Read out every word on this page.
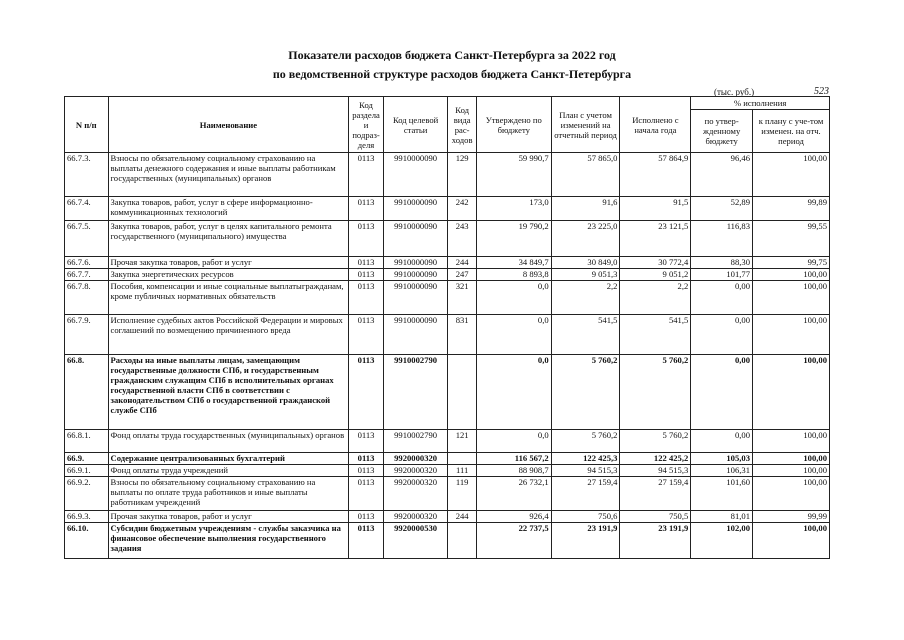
Показатели расходов бюджета Санкт-Петербурга за 2022 год
по ведомственной структуре расходов бюджета Санкт-Петербурга
(тыс. руб.)	523
N п/п	Наименование	Код раздела и подраз-деля	Код целевой статьи	Код вида рас-ходов	Утверждено по бюджету	План с учетом изменений на отчетный период	Исполнено с начала года	% исполнения	
								по утвер-жденному бюджету	к плану с уче-том изменен. на отч. период
66.7.3.	Взносы по обязательному социальному страхованию на выплаты денежного содержания и иные выплаты работникам государственных (муниципальных) органов	0113	9910000090	129	59 990,7	57 865,0	57 864,9	96,46	100,00
66.7.4.	Закупка товаров, работ, услуг в сфере информационно-коммуникационных технологий	0113	9910000090	242	173,0	91,6	91,5	52,89	99,89
66.7.5.	Закупка товаров, работ, услуг в целях капитального ремонта государственного (муниципального) имущества	0113	9910000090	243	19 790,2	23 225,0	23 121,5	116,83	99,55
66.7.6.	Прочая закупка товаров, работ и услуг	0113	9910000090	244	34 849,7	30 849,0	30 772,4	88,30	99,75
66.7.7.	Закупка энергетических ресурсов	0113	9910000090	247	8 893,8	9 051,3	9 051,2	101,77	100,00
66.7.8.	Пособия, компенсации и иные социальные выплатыгражданам, кроме публичных нормативных обязательств	0113	9910000090	321	0,0	2,2	2,2	0,00	100,00
66.7.9.	Исполнение судебных актов Российской Федерации и мировых соглашений по возмещению причиненного вреда	0113	9910000090	831	0,0	541,5	541,5	0,00	100,00
66.8.	Расходы на иные выплаты лицам, замещающим государственные должности СПб, и государственным гражданским служащим СПб в исполнительных органах государственной власти СПб в соответствии с законодательством СПб о государственной гражданской службе СПб	0113	9910002790		0,0	5 760,2	5 760,2	0,00	100,00
66.8.1.	Фонд оплаты труда государственных (муниципальных) органов	0113	9910002790	121	0,0	5 760,2	5 760,2	0,00	100,00
66.9.	Содержание централизованных бухгалтерий	0113	9920000320		116 567,2	122 425,3	122 425,2	105,03	100,00
66.9.1.	Фонд оплаты труда учреждений	0113	9920000320	111	88 908,7	94 515,3	94 515,3	106,31	100,00
66.9.2.	Взносы по обязательному социальному страхованию на выплаты по оплате труда работников и иные выплаты работникам учреждений	0113	9920000320	119	26 732,1	27 159,4	27 159,4	101,60	100,00
66.9.3.	Прочая закупка товаров, работ и услуг	0113	9920000320	244	926,4	750,6	750,5	81,01	99,99
66.10.	Субсидии бюджетным учреждениям - службы заказчика на финансовое обеспечение выполнения государственного задания	0113	9920000530		22 737,5	23 191,9	23 191,9	102,00	100,00
